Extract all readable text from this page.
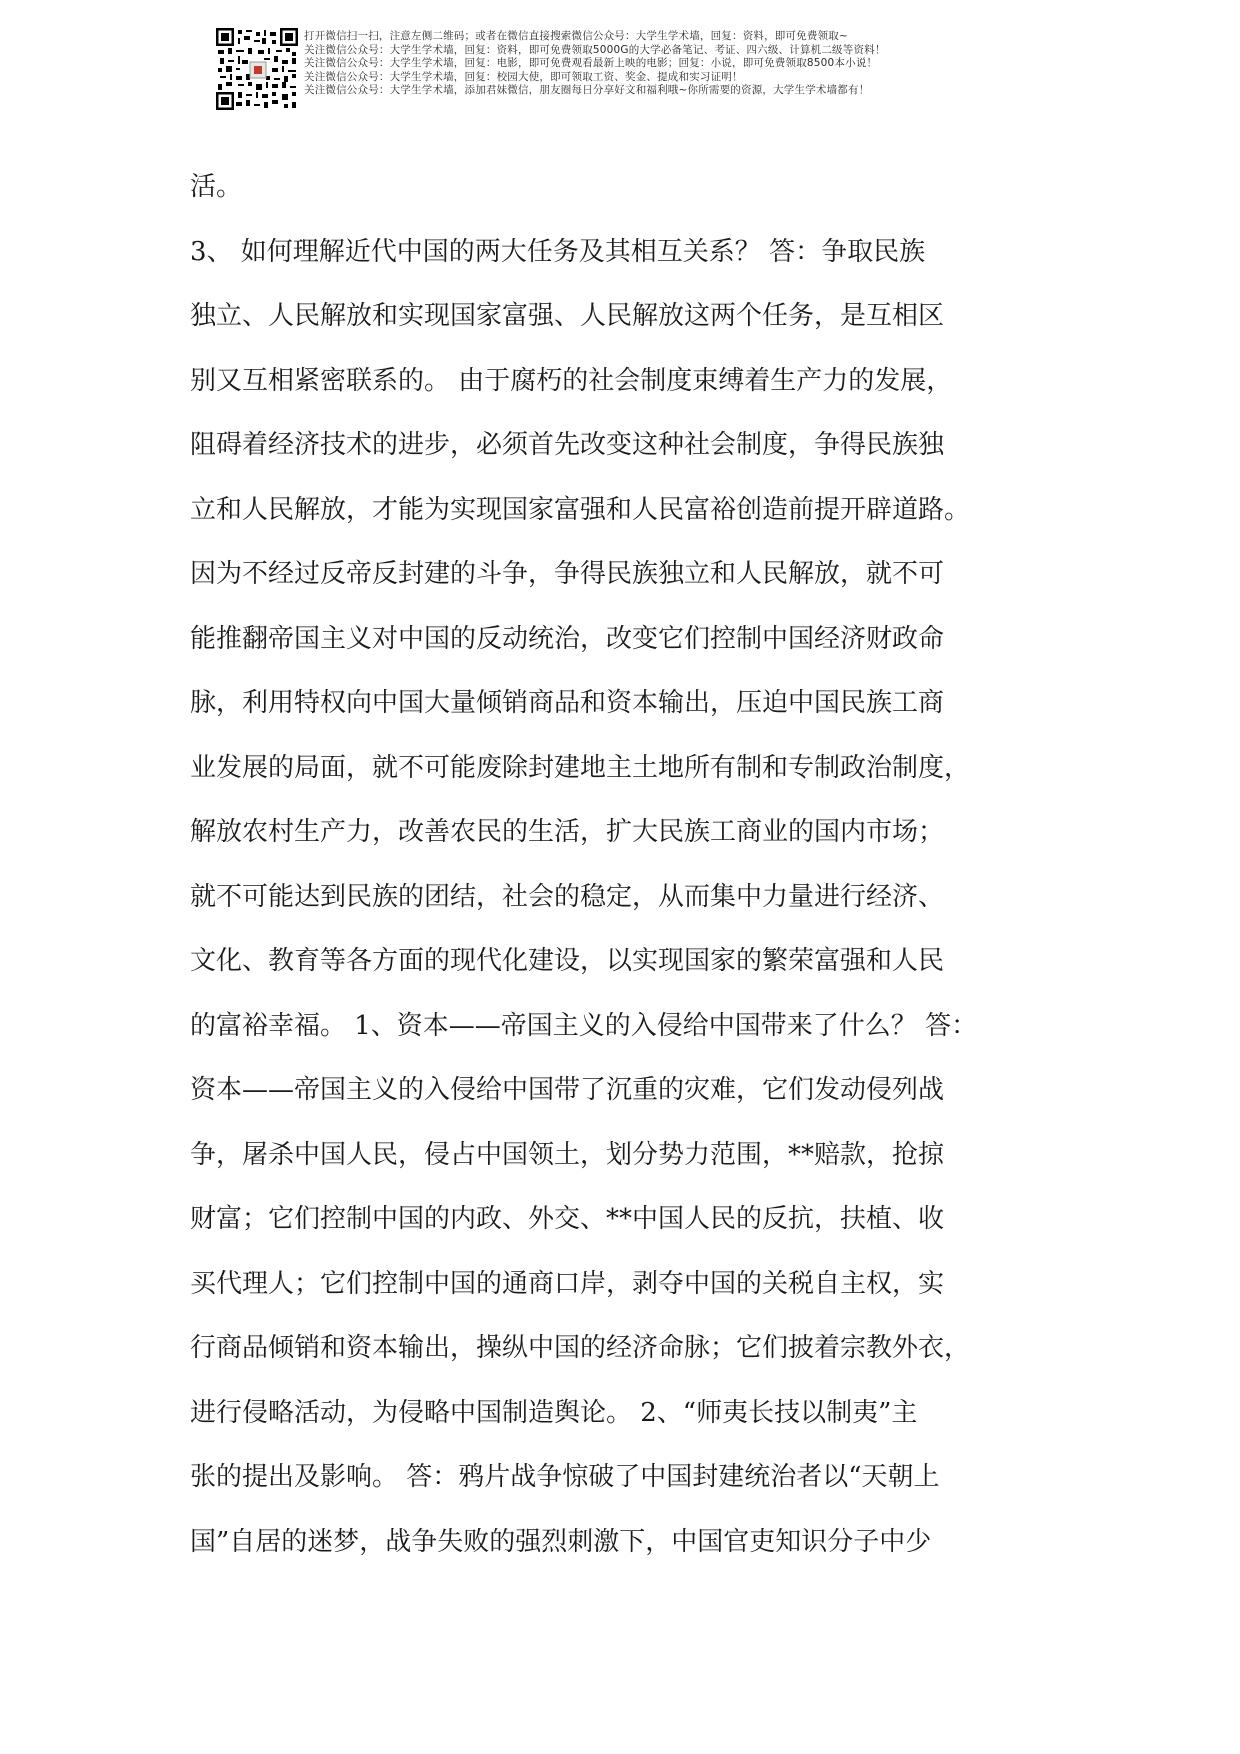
打开微信扫一扫，注意左侧二维码；或者在微信直接搜索微信公众号：大学生学术墙，回复：资料，即可免费领取~
关注微信公众号：大学生学术墙，回复：资料，即可免费领取5000G的大学必备笔记、考证、四六级、计算机二级等资料！
关注微信公众号：大学生学术墙，回复：电影，即可免费观看最新上映的电影；回复：小说，即可免费领取8500本小说！
关注微信公众号：大学生学术墙，回复：校园大使，即可领取工资、奖金、提成和实习证明！
关注微信公众号：大学生学术墙，添加君妹微信，朋友圈每日分享好文和福利哦~你所需要的资源，大学生学术墙都有！
活。
3、 如何理解近代中国的两大任务及其相互关系？ 答：争取民族
独立、人民解放和实现国家富强、人民解放这两个任务，是互相区
别又互相紧密联系的。 由于腐朽的社会制度束缚着生产力的发展，
阻碍着经济技术的进步，必须首先改变这种社会制度，争得民族独
立和人民解放，才能为实现国家富强和人民富裕创造前提开辟道路。
因为不经过反帝反封建的斗争，争得民族独立和人民解放，就不可
能推翻帝国主义对中国的反动统治，改变它们控制中国经济财政命
脉，利用特权向中国大量倾销商品和资本输出，压迫中国民族工商
业发展的局面，就不可能废除封建地主土地所有制和专制政治制度，
解放农村生产力，改善农民的生活，扩大民族工商业的国内市场；
就不可能达到民族的团结，社会的稳定，从而集中力量进行经济、
文化、教育等各方面的现代化建设，以实现国家的繁荣富强和人民
的富裕幸福。 1、资本——帝国主义的入侵给中国带来了什么？ 答：
资本——帝国主义的入侵给中国带了沉重的灾难，它们发动侵列战
争，屠杀中国人民，侵占中国领土，划分势力范围，**赔款，抢掠
财富；它们控制中国的内政、外交、**中国人民的反抗，扶植、收
买代理人；它们控制中国的通商口岸，剥夺中国的关税自主权，实
行商品倾销和资本输出，操纵中国的经济命脉；它们披着宗教外衣，
进行侵略活动，为侵略中国制造舆论。 2、“师夷长技以制夷”主
张的提出及影响。 答：鸦片战争惊破了中国封建统治者以“天朝上
国”自居的迷梦，战争失败的强烈刺激下，中国官吏知识分子中少
